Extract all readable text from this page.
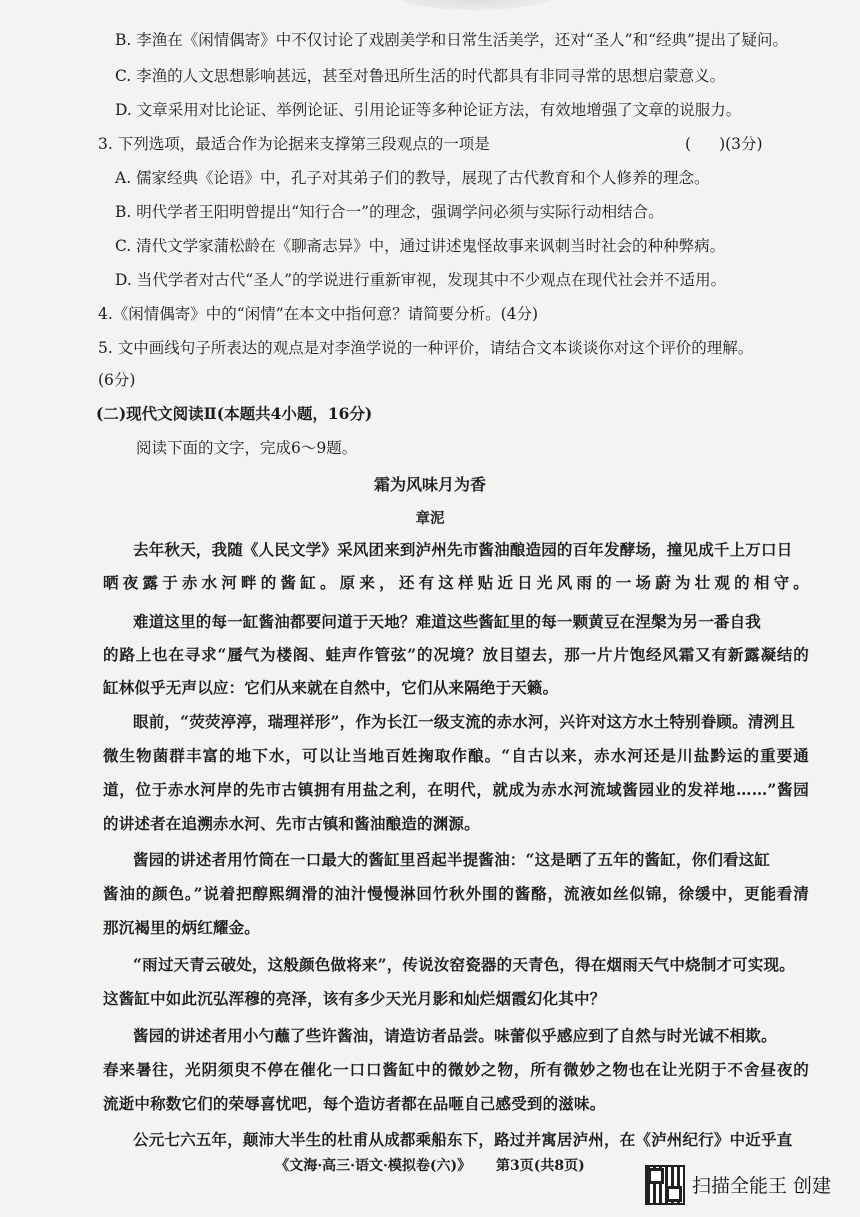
B. 李渔在《闲情偶寄》中不仅讨论了戏剧美学和日常生活美学，还对“圣人”和“经典”提出了疑问。
C. 李渔的人文思想影响甚远，甚至对鲁迅所生活的时代都具有非同寻常的思想启蒙意义。
D. 文章采用对比论证、举例论证、引用论证等多种论证方法，有效地增强了文章的说服力。
3. 下列选项，最适合作为论据来支撑第三段观点的一项是	( )(3分)
A. 儒家经典《论语》中，孔子对其弟子们的教导，展现了古代教育和个人修养的理念。
B. 明代学者王阳明曾提出“知行合一”的理念，强调学问必须与实际行动相结合。
C. 清代文学家蒲松龄在《聊斋志异》中，通过讲述鬼怪故事来讽刺当时社会的种种弊病。
D. 当代学者对古代“圣人”的学说进行重新审视，发现其中不少观点在现代社会并不适用。
4.《闲情偶寄》中的“闲情”在本文中指何意？请简要分析。(4分)
5. 文中画线句子所表达的观点是对李渔学说的一种评价，请结合文本谈谈你对这个评价的理解。
(6分)
(二)现代文阅读Ⅱ(本题共4小题，16分)
阅读下面的文字，完成6～9题。
霜为风味月为香
章泥
去年秋天，我随《人民文学》采风团来到泸州先市酱油酿造园的百年发酵场，撞见成千上万口日
晒夜露于赤水河畔的酱缸。原来，还有这样贴近日光风雨的一场蔚为壮观的相守。
难道这里的每一缸酱油都要问道于天地？难道这些酱缸里的每一颗黄豆在涅槃为另一番自我
的路上也在寻求“蜃气为楼阁、蛙声作管弦”的况境？放目望去，那一片片饱经风霜又有新露凝结的
缸林似乎无声以应：它们从来就在自然中，它们从来隔绝于天籁。
眼前，“荧荧渟渟，瑞理祥形”，作为长江一级支流的赤水河，兴许对这方水土特别眷顾。清洌且
微生物菌群丰富的地下水，可以让当地百姓掬取作酿。“自古以来，赤水河还是川盐黔运的重要通
道，位于赤水河岸的先市古镇拥有用盐之利，在明代，就成为赤水河流域酱园业的发祥地……”酱园
的讲述者在追溯赤水河、先市古镇和酱油酿造的渊源。
酱园的讲述者用竹筒在一口最大的酱缸里舀起半提酱油：“这是晒了五年的酱缸，你们看这缸
酱油的颜色。”说着把醇熙绸滑的油汁慢慢淋回竹秋外围的酱酪，流液如丝似锦，徐缓中，更能看清
那沉褐里的炳红耀金。
“雨过天青云破处，这般颜色做将来”，传说汝窑瓷器的天青色，得在烟雨天气中烧制才可实现。
这酱缸中如此沉弘浑穆的亮泽，该有多少天光月影和灿烂烟霞幻化其中？
酱园的讲述者用小勺蘸了些许酱油，请造访者品尝。味蕾似乎感应到了自然与时光诚不相欺。
春来暑往，光阴须臾不停在催化一口口酱缸中的微妙之物，所有微妙之物也在让光阴于不舍昼夜的
流逝中称数它们的荣辱喜忧吧，每个造访者都在品咂自己感受到的滋味。
公元七六五年，颠沛大半生的杜甫从成都乘船东下，路过并寓居泸州，在《泸州纪行》中近乎直
《文海·高三·语文·模拟卷(六)》 第3页(共8页)
扫描全能王 创建
